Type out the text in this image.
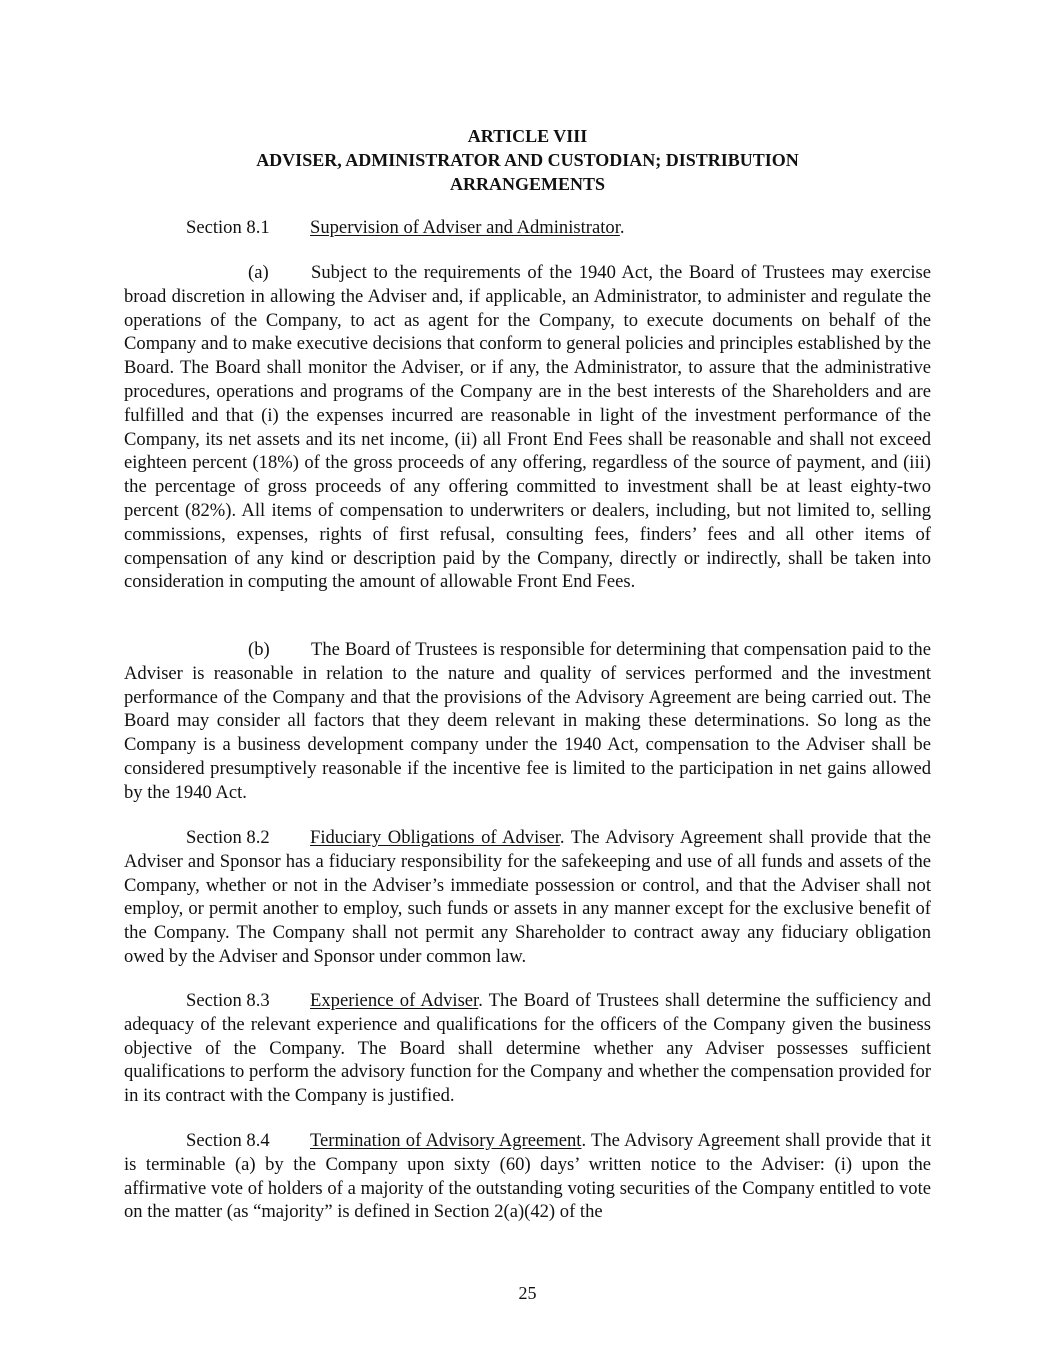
ARTICLE VIII
ADVISER, ADMINISTRATOR AND CUSTODIAN; DISTRIBUTION
ARRANGEMENTS

Section 8.1 Supervision of Adviser and Administrator.

(a) Subject to the requirements of the 1940 Act, the Board of Trustees may exercise broad discretion in allowing the Adviser and, if applicable, an Administrator, to administer and regulate the operations of the Company, to act as agent for the Company, to execute documents on behalf of the Company and to make executive decisions that conform to general policies and principles established by the Board. The Board shall monitor the Adviser, or if any, the Administrator, to assure that the administrative procedures, operations and programs of the Company are in the best interests of the Shareholders and are fulfilled and that (i) the expenses incurred are reasonable in light of the investment performance of the Company, its net assets and its net income, (ii) all Front End Fees shall be reasonable and shall not exceed eighteen percent (18%) of the gross proceeds of any offering, regardless of the source of payment, and (iii) the percentage of gross proceeds of any offering committed to investment shall be at least eighty-two percent (82%). All items of compensation to underwriters or dealers, including, but not limited to, selling commissions, expenses, rights of first refusal, consulting fees, finders’ fees and all other items of compensation of any kind or description paid by the Company, directly or indirectly, shall be taken into consideration in computing the amount of allowable Front End Fees.

(b) The Board of Trustees is responsible for determining that compensation paid to the Adviser is reasonable in relation to the nature and quality of services performed and the investment performance of the Company and that the provisions of the Advisory Agreement are being carried out. The Board may consider all factors that they deem relevant in making these determinations. So long as the Company is a business development company under the 1940 Act, compensation to the Adviser shall be considered presumptively reasonable if the incentive fee is limited to the participation in net gains allowed by the 1940 Act.

Section 8.2 Fiduciary Obligations of Adviser. The Advisory Agreement shall provide that the Adviser and Sponsor has a fiduciary responsibility for the safekeeping and use of all funds and assets of the Company, whether or not in the Adviser’s immediate possession or control, and that the Adviser shall not employ, or permit another to employ, such funds or assets in any manner except for the exclusive benefit of the Company. The Company shall not permit any Shareholder to contract away any fiduciary obligation owed by the Adviser and Sponsor under common law.

Section 8.3 Experience of Adviser. The Board of Trustees shall determine the sufficiency and adequacy of the relevant experience and qualifications for the officers of the Company given the business objective of the Company. The Board shall determine whether any Adviser possesses sufficient qualifications to perform the advisory function for the Company and whether the compensation provided for in its contract with the Company is justified.

Section 8.4 Termination of Advisory Agreement. The Advisory Agreement shall provide that it is terminable (a) by the Company upon sixty (60) days’ written notice to the Adviser: (i) upon the affirmative vote of holders of a majority of the outstanding voting securities of the Company entitled to vote on the matter (as “majority” is defined in Section 2(a)(42) of the

25
